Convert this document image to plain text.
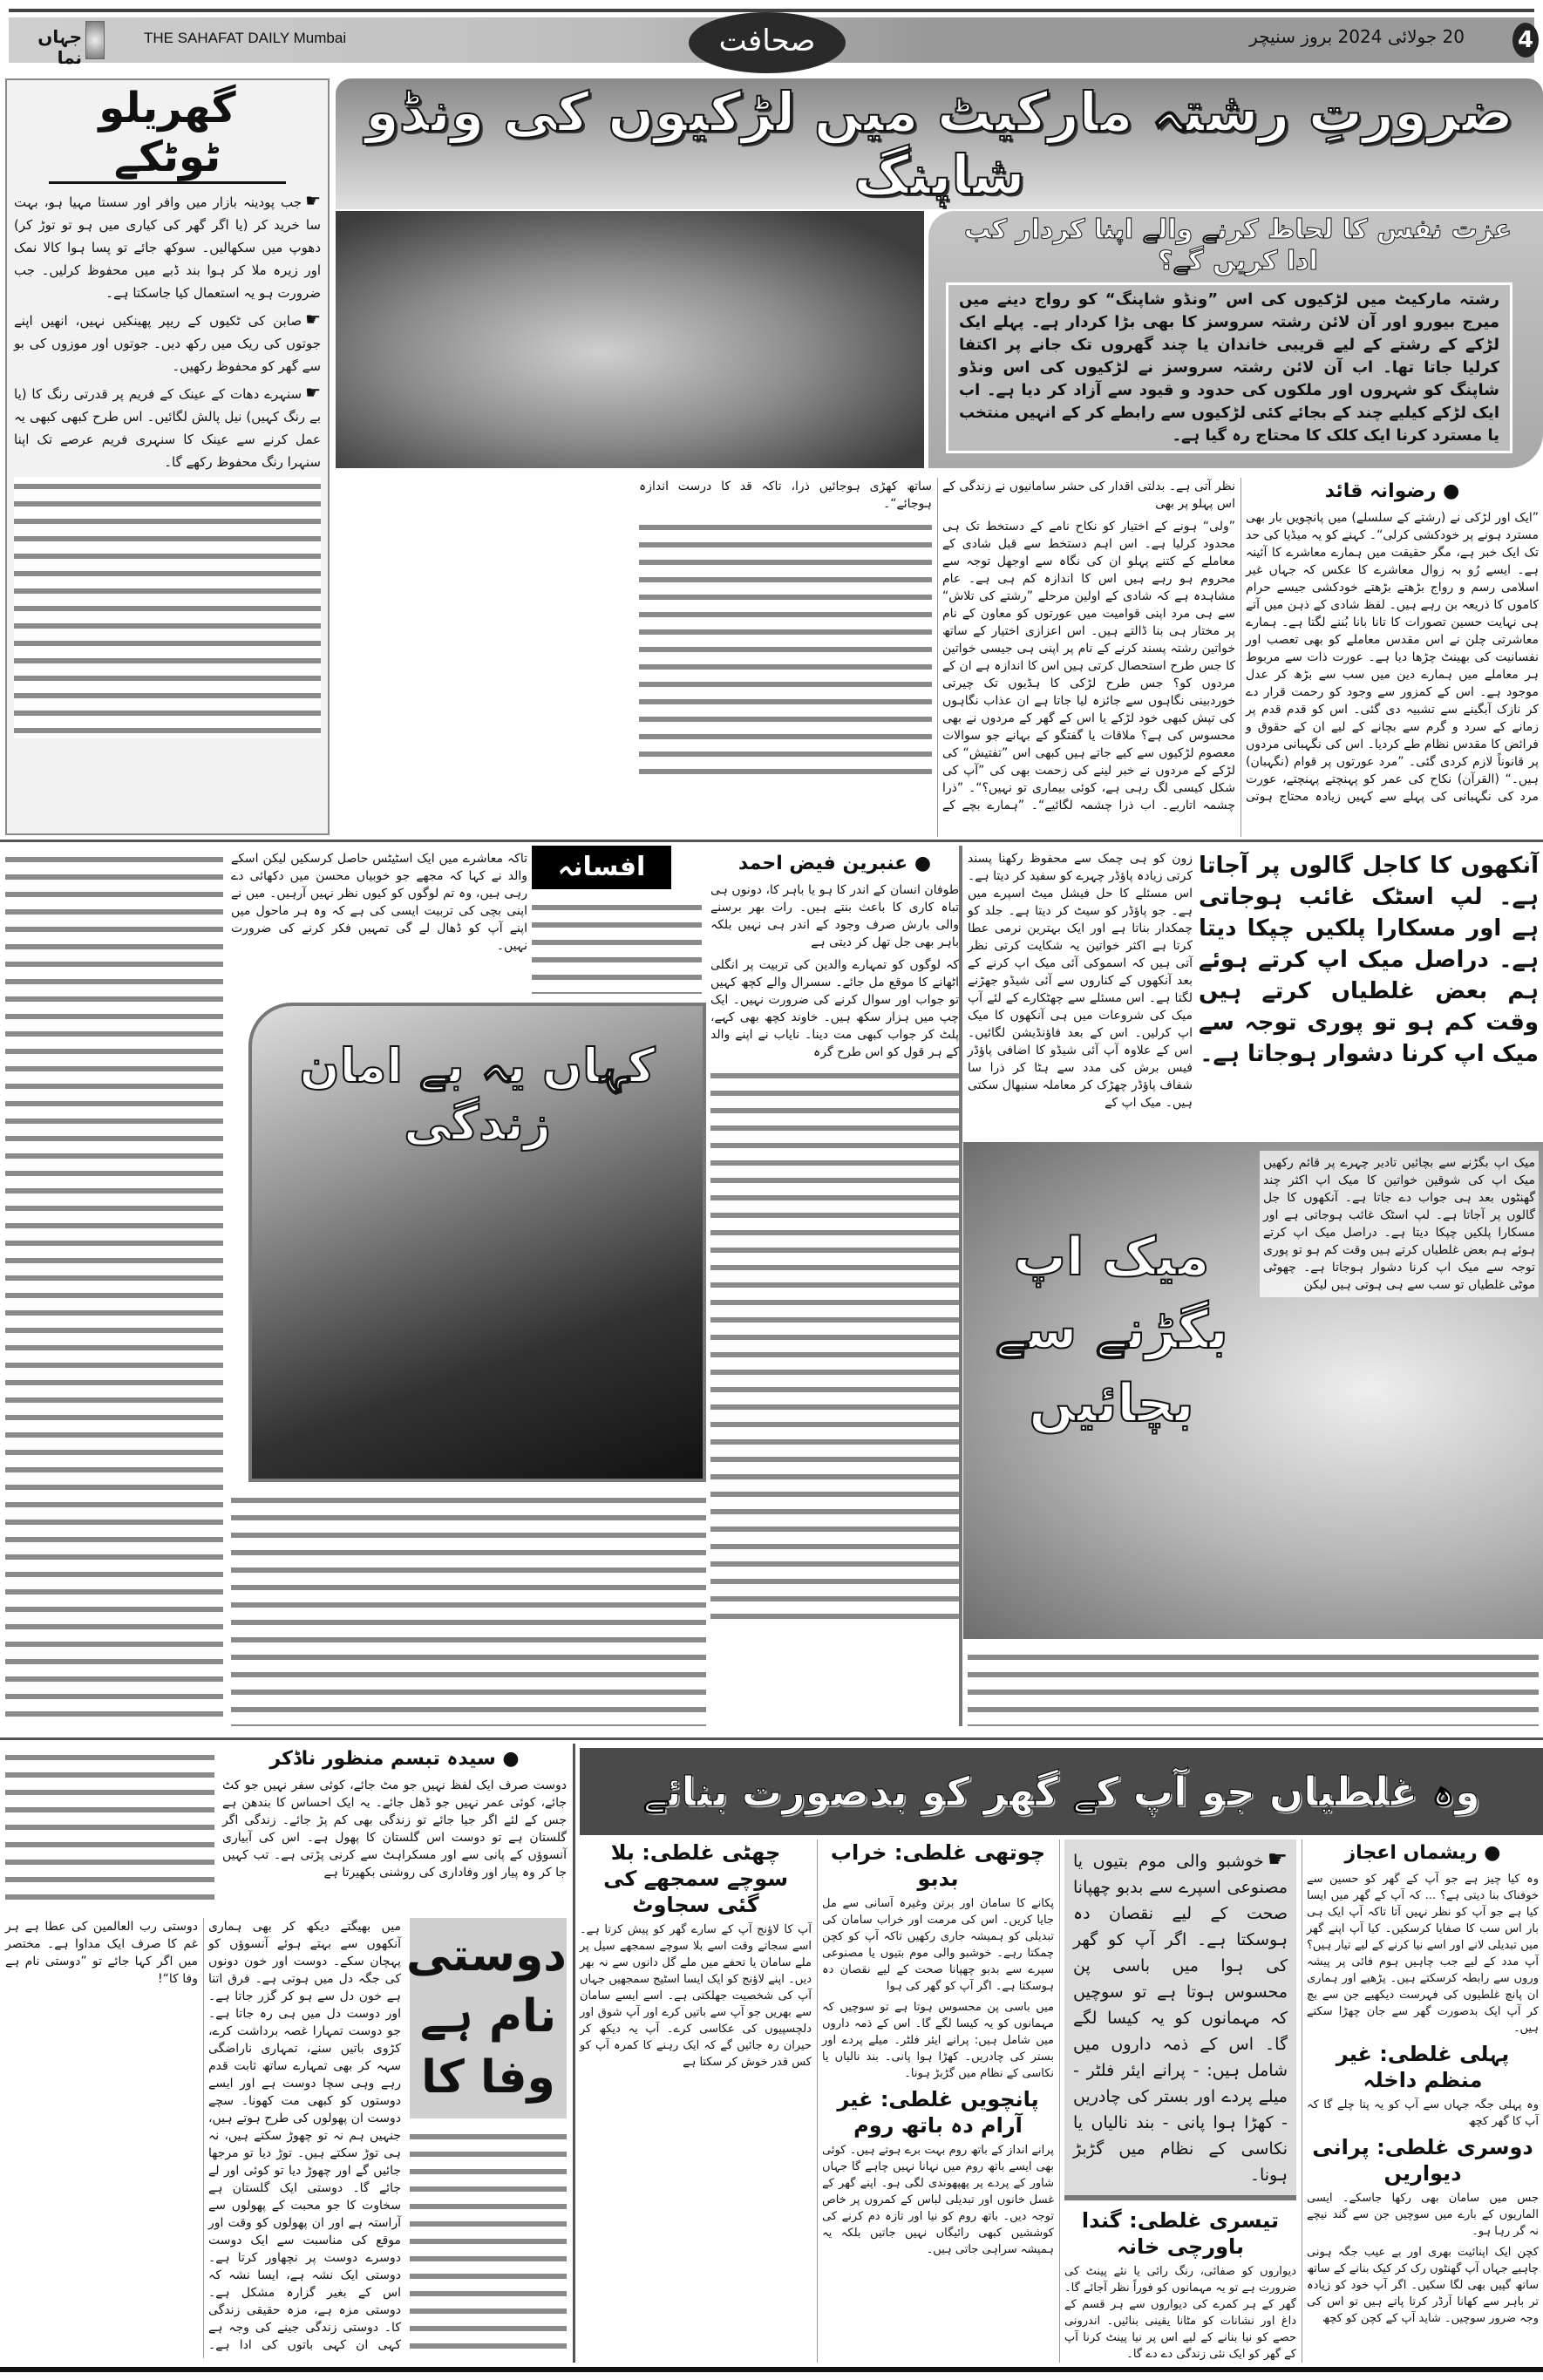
جہاں نما
THE SAHAFAT DAILY Mumbai	صحافت	20 جولائی 2024 بروز سنیچر 4
گھریلو ٹوٹکے

☛جب پودینہ بازار میں وافر اور سستا مہیا ہو، بہت سا خرید کر (یا اگر گھر کی کیاری میں ہو تو توڑ کر) دھوپ میں سکھالیں۔ سوکھ جائے تو پسا ہوا کالا نمک اور زیرہ ملا کر ہوا بند ڈبے میں محفوظ کرلیں۔ جب ضرورت ہو یہ استعمال کیا جاسکتا ہے۔

☛صابن کی ٹکیوں کے ریپر پھینکیں نہیں، انھیں اپنے جوتوں کی ریک میں رکھ دیں۔ جوتوں اور موزوں کی بو سے گھر کو محفوظ رکھیں۔

☛سنہرے دھات کے عینک کے فریم پر قدرتی رنگ کا (یا بے رنگ کہیں) نیل پالش لگائیں۔ اس طرح کبھی کبھی یہ عمل کرنے سے عینک کا سنہری فریم عرصے تک اپنا سنہرا رنگ محفوظ رکھے گا۔

ضرورتِ رشتہ مارکیٹ میں لڑکیوں کی ونڈو شاپنگ
عزت نفس کا لحاظ کرنے والے اپنا کردار کب ادا کریں گے؟
رشتہ مارکیٹ میں لڑکیوں کی اس ”ونڈو شاپنگ“ کو رواج دینے میں میرج بیورو اور آن لائن رشتہ سروسز کا بھی بڑا کردار ہے۔ پہلے ایک لڑکے کے رشتے کے لیے قریبی خاندان یا چند گھروں تک جانے پر اکتفا کرلیا جاتا تھا۔ اب آن لائن رشتہ سروسز نے لڑکیوں کی اس ونڈو شاپنگ کو شہروں اور ملکوں کی حدود و قیود سے آزاد کر دیا ہے۔ اب ایک لڑکے کیلیے چند کے بجائے کئی لڑکیوں سے رابطے کر کے انہیں منتخب یا مسترد کرنا ایک کلک کا محتاج رہ گیا ہے۔
● رضوانہ قائد

”ایک اور لڑکی نے (رشتے کے سلسلے) میں پانچویں بار بھی مسترد ہونے پر خودکشی کرلی“۔ کہنے کو یہ میڈیا کی حد تک ایک خبر ہے، مگر حقیقت میں ہمارے معاشرے کا آئینہ ہے۔ ایسے رُو بہ زوال معاشرے کا عکس کہ جہاں غیر اسلامی رسم و رواج بڑھتے بڑھتے خودکشی جیسے حرام کاموں کا ذریعہ بن رہے ہیں۔ لفظ شادی کے ذہن میں آتے ہی نہایت حسین تصورات کا تانا بانا بُننے لگتا ہے۔ ہمارے معاشرتی چلن نے اس مقدس معاملے کو بھی تعصب اور نفسانیت کی بھینٹ چڑھا دیا ہے۔ عورت ذات سے مربوط ہر معاملے میں ہمارے دین میں سب سے بڑھ کر عدل موجود ہے۔ اس کے کمزور سے وجود کو رحمت قرار دے کر نازک آبگینے سے تشبیہ دی گئی۔ اس کو قدم قدم پر زمانے کے سرد و گرم سے بچانے کے لیے ان کے حقوق و فرائض کا مقدس نظام طے کردیا۔ اس کی نگہبانی مردوں پر قانوناً لازم کردی گئی۔ ”مرد عورتوں پر قوام (نگہبان) ہیں۔“ (القرآن) نکاح کی عمر کو پہنچتے پہنچتے، عورت مرد کی نگہبانی کی پہلے سے کہیں زیادہ محتاج ہوتی نظر آتی ہے۔ بدلتی اقدار کی حشر سامانیوں نے زندگی کے اس پہلو پر بھی

”ولی“ ہونے کے اختیار کو نکاح نامے کے دستخط تک ہی محدود کرلیا ہے۔ اس اہم دستخط سے قبل شادی کے معاملے کے کتنے پہلو ان کی نگاہ سے اوجھل توجہ سے محروم ہو رہے ہیں اس کا اندازہ کم ہی ہے۔ عام مشاہدہ ہے کہ شادی کے اولین مرحلے ”رشتے کی تلاش“ سے ہی مرد اپنی قوامیت میں عورتوں کو معاون کے نام پر مختار ہی بنا ڈالتے ہیں۔ اس اعزازی اختیار کے ساتھ خواتین رشتہ پسند کرنے کے نام پر اپنی ہی جیسی خواتین کا جس طرح استحصال کرتی ہیں اس کا اندازہ ہے ان کے مردوں کو؟ جس طرح لڑکی کا ہڈیوں تک چیرتی خوردبینی نگاہوں سے جائزہ لیا جاتا ہے ان عذاب نگاہوں کی تپش کبھی خود لڑکے یا اس کے گھر کے مردوں نے بھی محسوس کی ہے؟ ملاقات یا گفتگو کے بہانے جو سوالات معصوم لڑکیوں سے کیے جاتے ہیں کبھی اس ”تفتیش“ کی لڑکے کے مردوں نے خبر لینے کی زحمت بھی کی ”آپ کی شکل کیسی لگ رہی ہے، کوئی بیماری تو نہیں؟“۔ ”ذرا چشمہ اتاریے۔ اب ذرا چشمہ لگائیے“۔ ”ہمارے بچے کے ساتھ کھڑی ہوجائیں ذرا، تاکہ قد کا درست اندازہ ہوجائے“۔

تاکہ معاشرے میں ایک اسٹیٹس حاصل کرسکیں لیکن اسکے والد نے کہا کہ مجھے جو خوبیاں محسن میں دکھائی دے رہی ہیں، وہ تم لوگوں کو کیوں نظر نہیں آرہیں۔ میں نے اپنی بچی کی تربیت ایسی کی ہے کہ وہ ہر ماحول میں اپنے آپ کو ڈھال لے گی تمہیں فکر کرنے کی ضرورت نہیں۔

افسانہ	● عنبرین فیض احمد

طوفان انسان کے اندر کا ہو یا باہر کا، دونوں ہی تباہ کاری کا باعث بنتے ہیں۔ رات بھر برسنے والی بارش صرف وجود کے اندر ہی نہیں بلکہ باہر بھی جل تھل کر دیتی ہے

کہ لوگوں کو تمہارے والدین کی تربیت پر انگلی اٹھانے کا موقع مل جائے۔ سسرال والے کچھ کہیں تو جواب اور سوال کرنے کی ضرورت نہیں۔ ایک چپ میں ہزار سکھ ہیں۔ خاوند کچھ بھی کہے، پلٹ کر جواب کبھی مت دینا۔ نایاب نے اپنے والد کے ہر قول کو اس طرح گرہ

کہاں یہ بے امان زندگی
آنکھوں کا کاجل گالوں پر آجاتا ہے۔ لپ اسٹک غائب ہوجاتی ہے اور مسکارا پلکیں چپکا دیتا ہے۔ دراصل میک اپ کرتے ہوئے ہم بعض غلطیاں کرتے ہیں وقت کم ہو تو پوری توجہ سے میک اپ کرنا دشوار ہوجاتا ہے۔

زون کو ہی چمک سے محفوظ رکھنا پسند کرتی زیادہ پاؤڈر چہرے کو سفید کر دیتا ہے۔ اس مسئلے کا حل فیشل میٹ اسپرے میں ہے۔ جو پاؤڈر کو سیٹ کر دیتا ہے۔ جلد کو چمکدار بناتا ہے اور ایک بہترین نرمی عطا کرتا ہے اکثر خواتین یہ شکایت کرتی نظر آتی ہیں کہ اسموکی آئی میک اپ کرنے کے بعد آنکھوں کے کناروں سے آئی شیڈو جھڑنے لگتا ہے۔ اس مسئلے سے چھٹکارے کے لئے آپ میک کی شروعات میں ہی آنکھوں کا میک اپ کرلیں۔ اس کے بعد فاؤنڈیشن لگائیں۔ اس کے علاوہ آپ آئی شیڈو کا اضافی پاؤڈر فیس برش کی مدد سے ہٹا کر ذرا سا شفاف پاؤڈر چھڑک کر معاملہ سنبھال سکتی ہیں۔ میک اپ کے

میک اپ بگڑنے سے بچائیں تادیر چہرے پر قائم رکھیں میک اپ کی شوقین خواتین کا میک اپ اکثر چند گھنٹوں بعد ہی جواب دے جاتا ہے۔ آنکھوں کا جل گالوں پر آجاتا ہے۔ لپ اسٹک غائب ہوجاتی ہے اور مسکارا پلکیں چپکا دیتا ہے۔ دراصل میک اپ کرتے ہوئے ہم بعض غلطیاں کرتے ہیں وقت کم ہو تو پوری توجہ سے میک اپ کرنا دشوار ہوجاتا ہے۔ چھوٹی موٹی غلطیاں تو سب سے ہی ہوتی ہیں لیکن

میک اپ بگڑنے سے بچائیں
● سیدہ تبسم منظور ناڈکر

دوست صرف ایک لفظ نہیں جو مٹ جائے، کوئی سفر نہیں جو کٹ جائے، کوئی عمر نہیں جو ڈھل جائے۔ یہ ایک احساس کا بندھن ہے جس کے لئے اگر جیا جائے تو زندگی بھی کم پڑ جائے۔ زندگی اگر گلستان ہے تو دوست اس گلستان کا پھول ہے۔ اس کی آبیاری آنسوؤں کے پانی سے اور مسکراہٹ سے کرنی پڑتی ہے۔ تب کہیں جا کر وہ پیار اور وفاداری کی روشنی بکھیرتا ہے

میں بھیگتے دیکھ کر بھی ہماری آنکھوں سے بہتے ہوئے آنسوؤں کو پہچان سکے۔ دوست اور خون دونوں کی جگہ دل میں ہوتی ہے۔ فرق اتنا ہے خون دل سے ہو کر گزر جاتا ہے۔ اور دوست دل میں ہی رہ جاتا ہے۔ جو دوست تمہارا غصہ برداشت کرے، کڑوی باتیں سنے، تمہاری ناراضگی سہہ کر بھی تمہارے ساتھ ثابت قدم رہے وہی سچا دوست ہے اور ایسے دوستوں کو کبھی مت کھونا۔ سچے دوست ان پھولوں کی طرح ہوتے ہیں، جنہیں ہم نہ تو چھوڑ سکتے ہیں، نہ ہی توڑ سکتے ہیں۔ توڑ دیا تو مرجھا جائیں گے اور چھوڑ دیا تو کوئی اور لے جائے گا۔ دوستی ایک گلستان ہے سخاوت کا جو محبت کے پھولوں سے آراستہ ہے اور ان پھولوں کو وقت اور موقع کی مناسبت سے ایک دوست دوسرے دوست پر نچھاور کرتا ہے۔ دوستی ایک نشہ ہے، ایسا نشہ کہ اس کے بغیر گزارہ مشکل ہے۔ دوستی مزہ ہے، مزہ حقیقی زندگی کا۔ دوستی زندگی جینے کی وجہ ہے کہی ان کہی باتوں کی ادا ہے۔ دوستی رب العالمین کی عطا ہے ہر غم کا صرف ایک مداوا ہے۔ مختصر میں اگر کہا جائے تو ”دوستی نام ہے وفا کا“!	دوستی نام ہے وفا کا
وہ غلطیاں جو آپ کے گھر کو بدصورت بنائے
● ریشماں اعجاز

وہ کیا چیز ہے جو آپ کے گھر کو حسین سے خوفناک بنا دیتی ہے؟ ... کہ آپ کے گھر میں ایسا کیا ہے جو آپ کو نظر نہیں آتا تاکہ آپ ایک ہی بار اس سب کا صفایا کرسکیں۔ کیا آپ اپنے گھر میں تبدیلی لانے اور اسے نیا کرنے کے لیے تیار ہیں؟ آپ مدد کے لیے جب چاہیں ہوم فائی پر پیشہ وروں سے رابطہ کرسکتے ہیں۔ پڑھیے اور ہماری ان پانچ غلطیوں کی فہرست دیکھیے جن سے بچ کر آپ ایک بدصورت گھر سے جان چھڑا سکتے ہیں۔

پہلی غلطی: غیر منظم داخلہ

وہ پہلی جگہ جہاں سے آپ کو یہ پتا چلے گا کہ آپ کا گھر کچھ

دوسری غلطی: پرانی دیواریں

جس میں سامان بھی رکھا جاسکے۔ ایسی الماریوں کے بارے میں سوچیں جن سے گند نیچے نہ گر رہا ہو۔

کچن ایک اپنائیت بھری اور بے عیب جگہ ہونی چاہیے جہاں آپ گھنٹوں رک کر کیک بنانے کے ساتھ ساتھ گپیں بھی لگا سکیں۔ اگر آپ خود کو زیادہ تر باہر سے کھانا آرڈر کرتا پاتے ہیں تو اس کی وجہ ضرور سوچیں۔ شاید آپ کے کچن کو کچھ

☛خوشبو والی موم بتیوں یا مصنوعی اسپرے سے بدبو چھپانا صحت کے لیے نقصان دہ ہوسکتا ہے۔ اگر آپ کو گھر کی ہوا میں باسی پن محسوس ہوتا ہے تو سوچیں کہ مہمانوں کو یہ کیسا لگے گا۔ اس کے ذمہ داروں میں شامل ہیں: - پرانے ایئر فلٹر - میلے پردے اور بستر کی چادریں - کھڑا ہوا پانی - بند نالیاں یا نکاسی کے نظام میں گڑبڑ ہونا۔
تیسری غلطی: گندا باورچی خانہ

دیواروں کو صفائی، رنگ رائی یا نئے پینٹ کی ضرورت ہے تو یہ مہمانوں کو فوراً نظر آجائے گا۔ گھر کے ہر کمرے کی دیواروں سے ہر قسم کے داغ اور نشانات کو مٹانا یقینی بنائیں۔ اندرونی حصے کو نیا بنانے کے لیے اس پر نیا پینٹ کرنا آپ کے گھر کو ایک نئی زندگی دے دے گا۔

چوتھی غلطی: خراب بدبو

پکانے کا سامان اور برتن وغیرہ آسانی سے مل جایا کریں۔ اس کی مرمت اور خراب سامان کی تبدیلی کو ہمیشہ جاری رکھیں تاکہ آپ کو کچن چمکتا رہے۔ خوشبو والی موم بتیوں یا مصنوعی سپرے سے بدبو چھپانا صحت کے لیے نقصان دہ ہوسکتا ہے۔ اگر آپ کو گھر کی ہوا

میں باسی پن محسوس ہوتا ہے تو سوچیں کہ مہمانوں کو یہ کیسا لگے گا۔ اس کے ذمہ داروں میں شامل ہیں: پرانے ایئر فلٹر۔ میلے پردے اور بستر کی چادریں۔ کھڑا ہوا پانی۔ بند نالیاں یا نکاسی کے نظام میں گڑبڑ ہونا۔

پانچویں غلطی: غیر آرام دہ باتھ روم

پرانے انداز کے باتھ روم بہت برے ہوتے ہیں۔ کوئی بھی ایسے باتھ روم میں نہانا نہیں چاہے گا جہاں شاور کے پردے پر پھپھوندی لگی ہو۔ اپنے گھر کے غسل خانوں اور تبدیلی لباس کے کمروں پر خاص توجہ دیں۔ باتھ روم کو نیا اور تازہ دم کرنے کی کوششیں کبھی رائیگاں نہیں جاتیں بلکہ یہ ہمیشہ سراہی جاتی ہیں۔

چھٹی غلطی: بلا سوچے سمجھے کی گئی سجاوٹ

آپ کا لاؤنج آپ کے سارے گھر کو پیش کرتا ہے۔ اسے سجاتے وقت اسے بلا سوچے سمجھے سیل پر ملے سامان یا تحفے میں ملے گل دانوں سے نہ بھر دیں۔ اپنے لاؤنج کو ایک ایسا اسٹیج سمجھیں جہاں آپ کی شخصیت جھلکتی ہے۔ اسے ایسے سامان سے بھریں جو آپ سے باتیں کرے اور آپ شوق اور دلچسپیوں کی عکاسی کرے۔ آپ یہ دیکھ کر حیران رہ جائیں گے کہ ایک رہنے کا کمرہ آپ کو کس قدر خوش کر سکتا ہے
